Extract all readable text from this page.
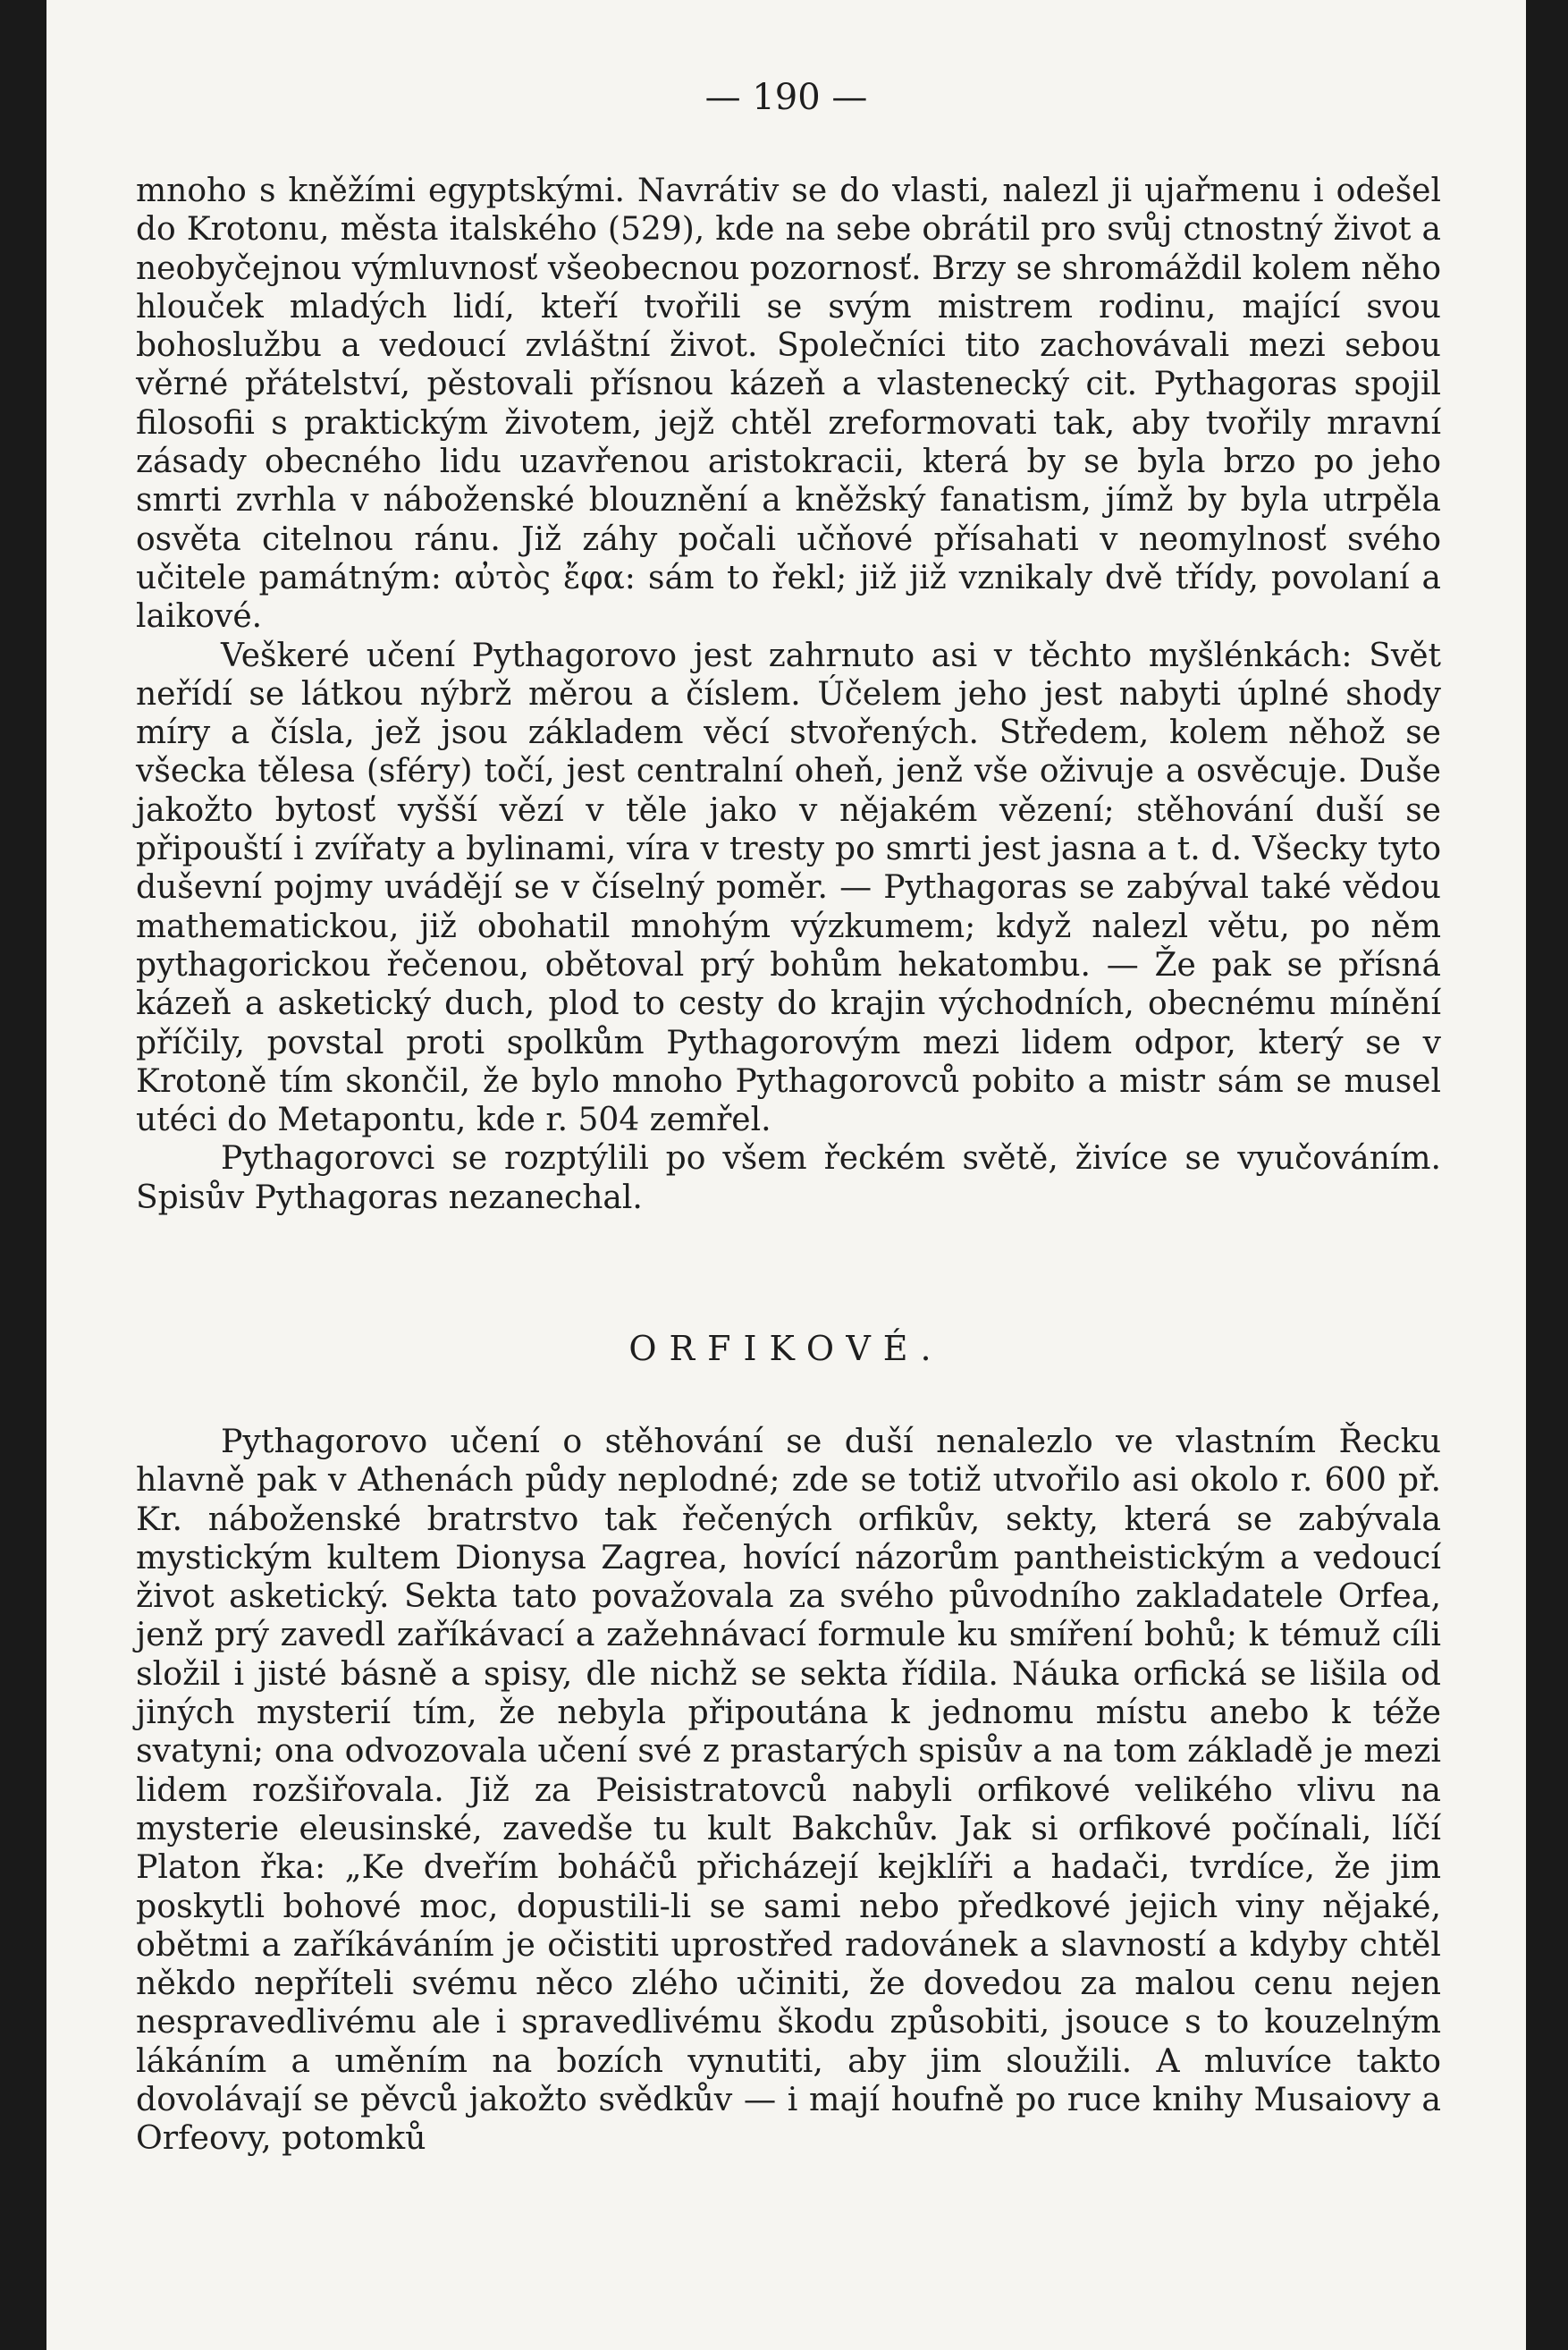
— 190 —

mnoho s kněžími egyptskými. Navrátiv se do vlasti, nalezl ji ujařmenu i odešel do Krotonu, města italského (529), kde na sebe obrátil pro svůj ctnostný život a neobyčejnou výmluvnosť všeobecnou pozornosť. Brzy se shromáždil kolem něho hlouček mladých lidí, kteří tvořili se svým mistrem rodinu, mající svou bohoslužbu a vedoucí zvláštní život. Společníci tito zachovávali mezi sebou věrné přátelství, pěstovali přísnou kázeň a vlastenecký cit. Pythagoras spojil filosofii s praktickým životem, jejž chtěl zreformovati tak, aby tvořily mravní zásady obecného lidu uzavřenou aristokracii, která by se byla brzo po jeho smrti zvrhla v náboženské blouznění a kněžský fanatism, jímž by byla utrpěla osvěta citelnou ránu. Již záhy počali učňové přísahati v neomylnosť svého učitele památným: αὐτὸς ἔφα: sám to řekl; již již vznikaly dvě třídy, povolaní a laikové.

Veškeré učení Pythagorovo jest zahrnuto asi v těchto myšlénkách: Svět neřídí se látkou nýbrž měrou a číslem. Účelem jeho jest nabyti úplné shody míry a čísla, jež jsou základem věcí stvořených. Středem, kolem něhož se všecka tělesa (sféry) točí, jest centralní oheň, jenž vše oživuje a osvěcuje. Duše jakožto bytosť vyšší vězí v těle jako v nějakém vězení; stěhování duší se připouští i zvířaty a bylinami, víra v tresty po smrti jest jasna a t. d. Všecky tyto duševní pojmy uvádějí se v číselný poměr. — Pythagoras se zabýval také vědou mathematickou, již obohatil mnohým výzkumem; když nalezl větu, po něm pythagorickou řečenou, obětoval prý bohům hekatombu. — Že pak se přísná kázeň a asketický duch, plod to cesty do krajin východních, obecnému mínění příčily, povstal proti spolkům Pythagorovým mezi lidem odpor, který se v Krotoně tím skončil, že bylo mnoho Pythagorovců pobito a mistr sám se musel utéci do Metapontu, kde r. 504 zemřel.

Pythagorovci se rozptýlili po všem řeckém světě, živíce se vyučováním. Spisův Pythagoras nezanechal.

ORFIKOVÉ.

Pythagorovo učení o stěhování se duší nenalezlo ve vlastním Řecku hlavně pak v Athenách půdy neplodné; zde se totiž utvořilo asi okolo r. 600 př. Kr. náboženské bratrstvo tak řečených orfikův, sekty, která se zabývala mystickým kultem Dionysa Zagrea, hovící názorům pantheistickým a vedoucí život asketický. Sekta tato považovala za svého původního zakladatele Orfea, jenž prý zavedl zaříkávací a zažehnávací formule ku smíření bohů; k témuž cíli složil i jisté básně a spisy, dle nichž se sekta řídila. Náuka orfická se lišila od jiných mysterií tím, že nebyla připoutána k jednomu místu anebo k téže svatyni; ona odvozovala učení své z prastarých spisův a na tom základě je mezi lidem rozšiřovala. Již za Peisistratovců nabyli orfikové velikého vlivu na mysterie eleusinské, zavedše tu kult Bakchův. Jak si orfikové počínali, líčí Platon řka: „Ke dveřím boháčů přicházejí kejklíři a hadači, tvrdíce, že jim poskytli bohové moc, dopustili-li se sami nebo předkové jejich viny nějaké, obětmi a zaříkáváním je očistiti uprostřed radovánek a slavností a kdyby chtěl někdo nepříteli svému něco zlého učiniti, že dovedou za malou cenu nejen nespravedlivému ale i spravedlivému škodu způsobiti, jsouce s to kouzelným lákáním a uměním na bozích vynutiti, aby jim sloužili. A mluvíce takto dovolávají se pěvců jakožto svědkův — i mají houfně po ruce knihy Musaiovy a Orfeovy, potomků
